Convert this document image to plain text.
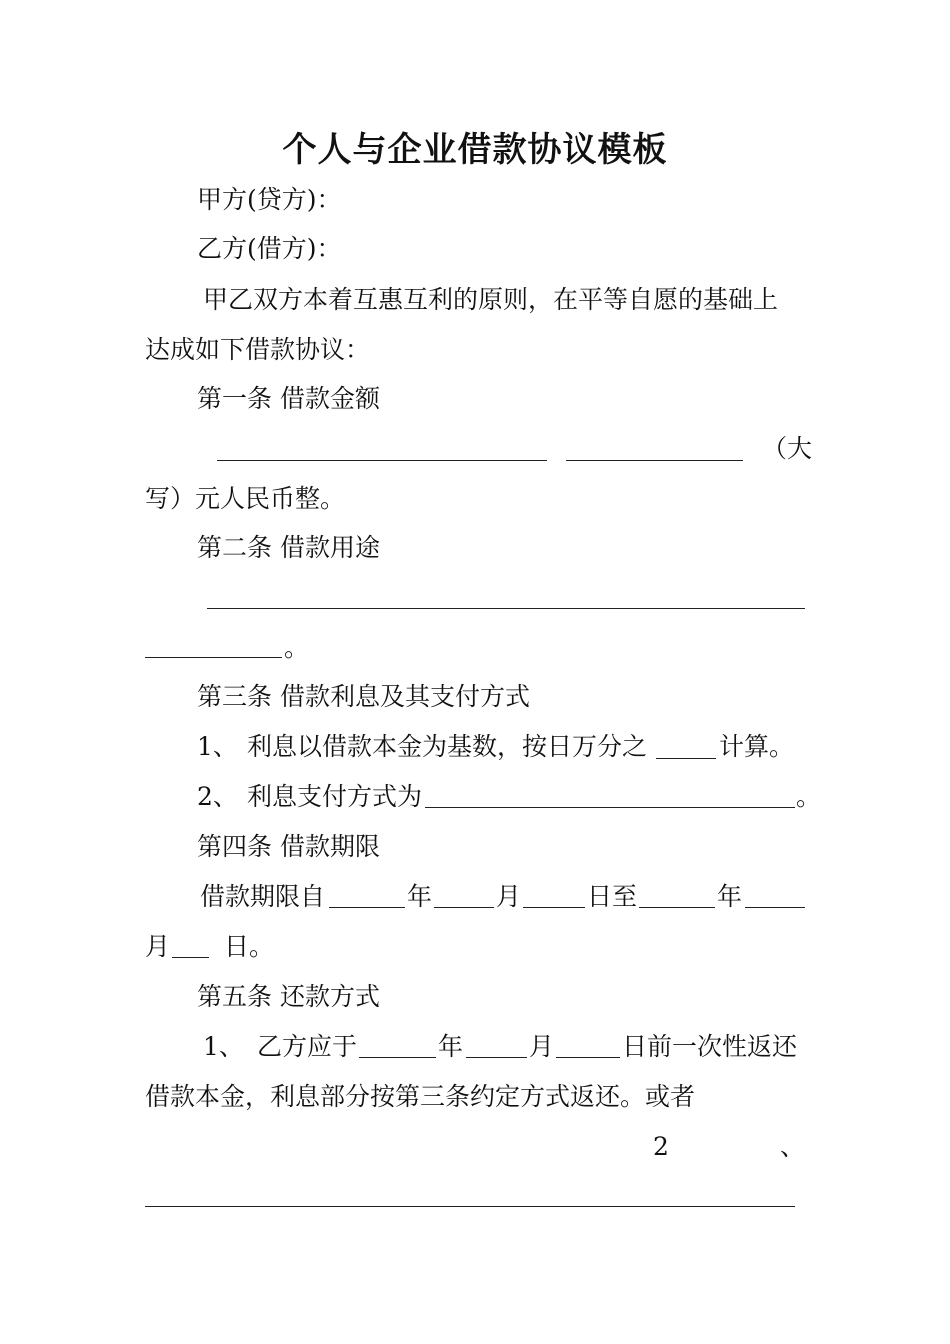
个人与企业借款协议模板
甲方(贷方)：
乙方(借方)：
甲乙双方本着互惠互利的原则，在平等自愿的基础上
达成如下借款协议：
第一条 借款金额
（大
写）元人民币整。
第二条 借款用途
。
第三条 借款利息及其支付方式
1、 利息以借款本金为基数，按日万分之	计算。
2、 利息支付方式为	。
第四条 借款期限
借款期限自	年	月	日至	年
月 日。
第五条 还款方式
1、 乙方应于	年	月	日前一次性返还
借款本金，利息部分按第三条约定方式返还。或者
2	、
